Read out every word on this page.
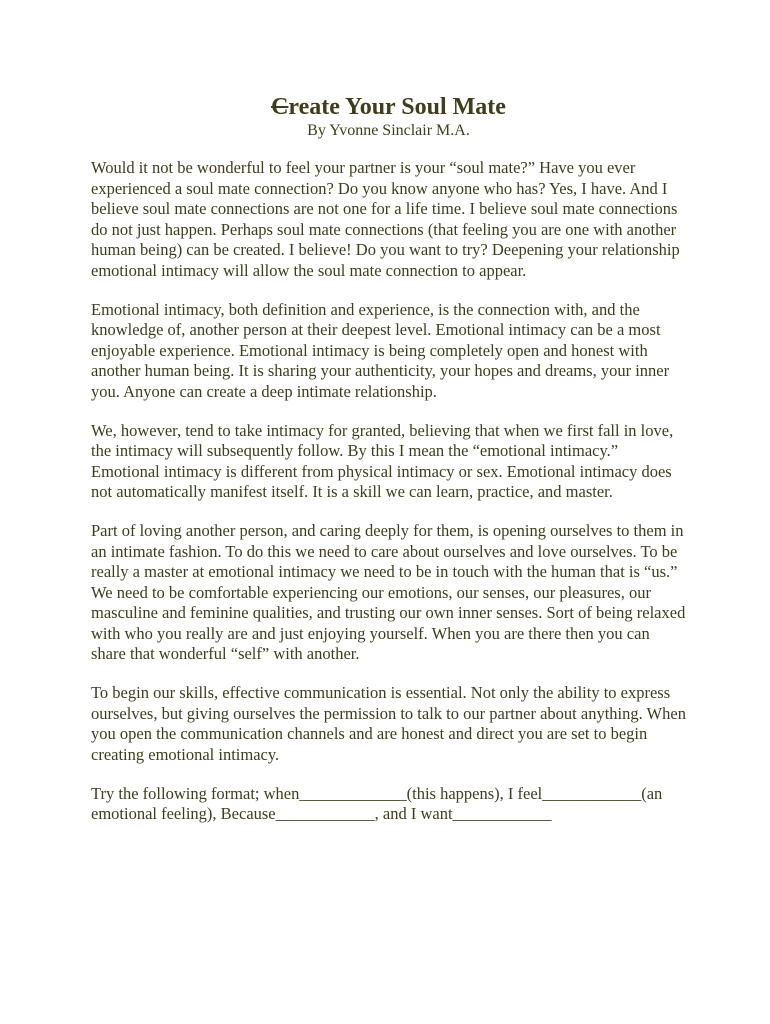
Create Your Soul Mate

By Yvonne Sinclair M.A.

Would it not be wonderful to feel your partner is your “soul mate?” Have you ever experienced a soul mate connection? Do you know anyone who has? Yes, I have. And I believe soul mate connections are not one for a life time. I believe soul mate connections do not just happen. Perhaps soul mate connections (that feeling you are one with another human being) can be created. I believe! Do you want to try? Deepening your relationship emotional intimacy will allow the soul mate connection to appear.

Emotional intimacy, both definition and experience, is the connection with, and the knowledge of, another person at their deepest level. Emotional intimacy can be a most enjoyable experience. Emotional intimacy is being completely open and honest with another human being. It is sharing your authenticity, your hopes and dreams, your inner you. Anyone can create a deep intimate relationship.

We, however, tend to take intimacy for granted, believing that when we first fall in love, the intimacy will subsequently follow. By this I mean the “emotional intimacy.” Emotional intimacy is different from physical intimacy or sex. Emotional intimacy does not automatically manifest itself. It is a skill we can learn, practice, and master.

Part of loving another person, and caring deeply for them, is opening ourselves to them in an intimate fashion. To do this we need to care about ourselves and love ourselves. To be really a master at emotional intimacy we need to be in touch with the human that is “us.” We need to be comfortable experiencing our emotions, our senses, our pleasures, our masculine and feminine qualities, and trusting our own inner senses. Sort of being relaxed with who you really are and just enjoying yourself. When you are there then you can share that wonderful “self” with another.

To begin our skills, effective communication is essential. Not only the ability to express ourselves, but giving ourselves the permission to talk to our partner about anything. When you open the communication channels and are honest and direct you are set to begin creating emotional intimacy.

Try the following format; when_____________(this happens), I feel____________(an emotional feeling), Because____________, and I want____________
